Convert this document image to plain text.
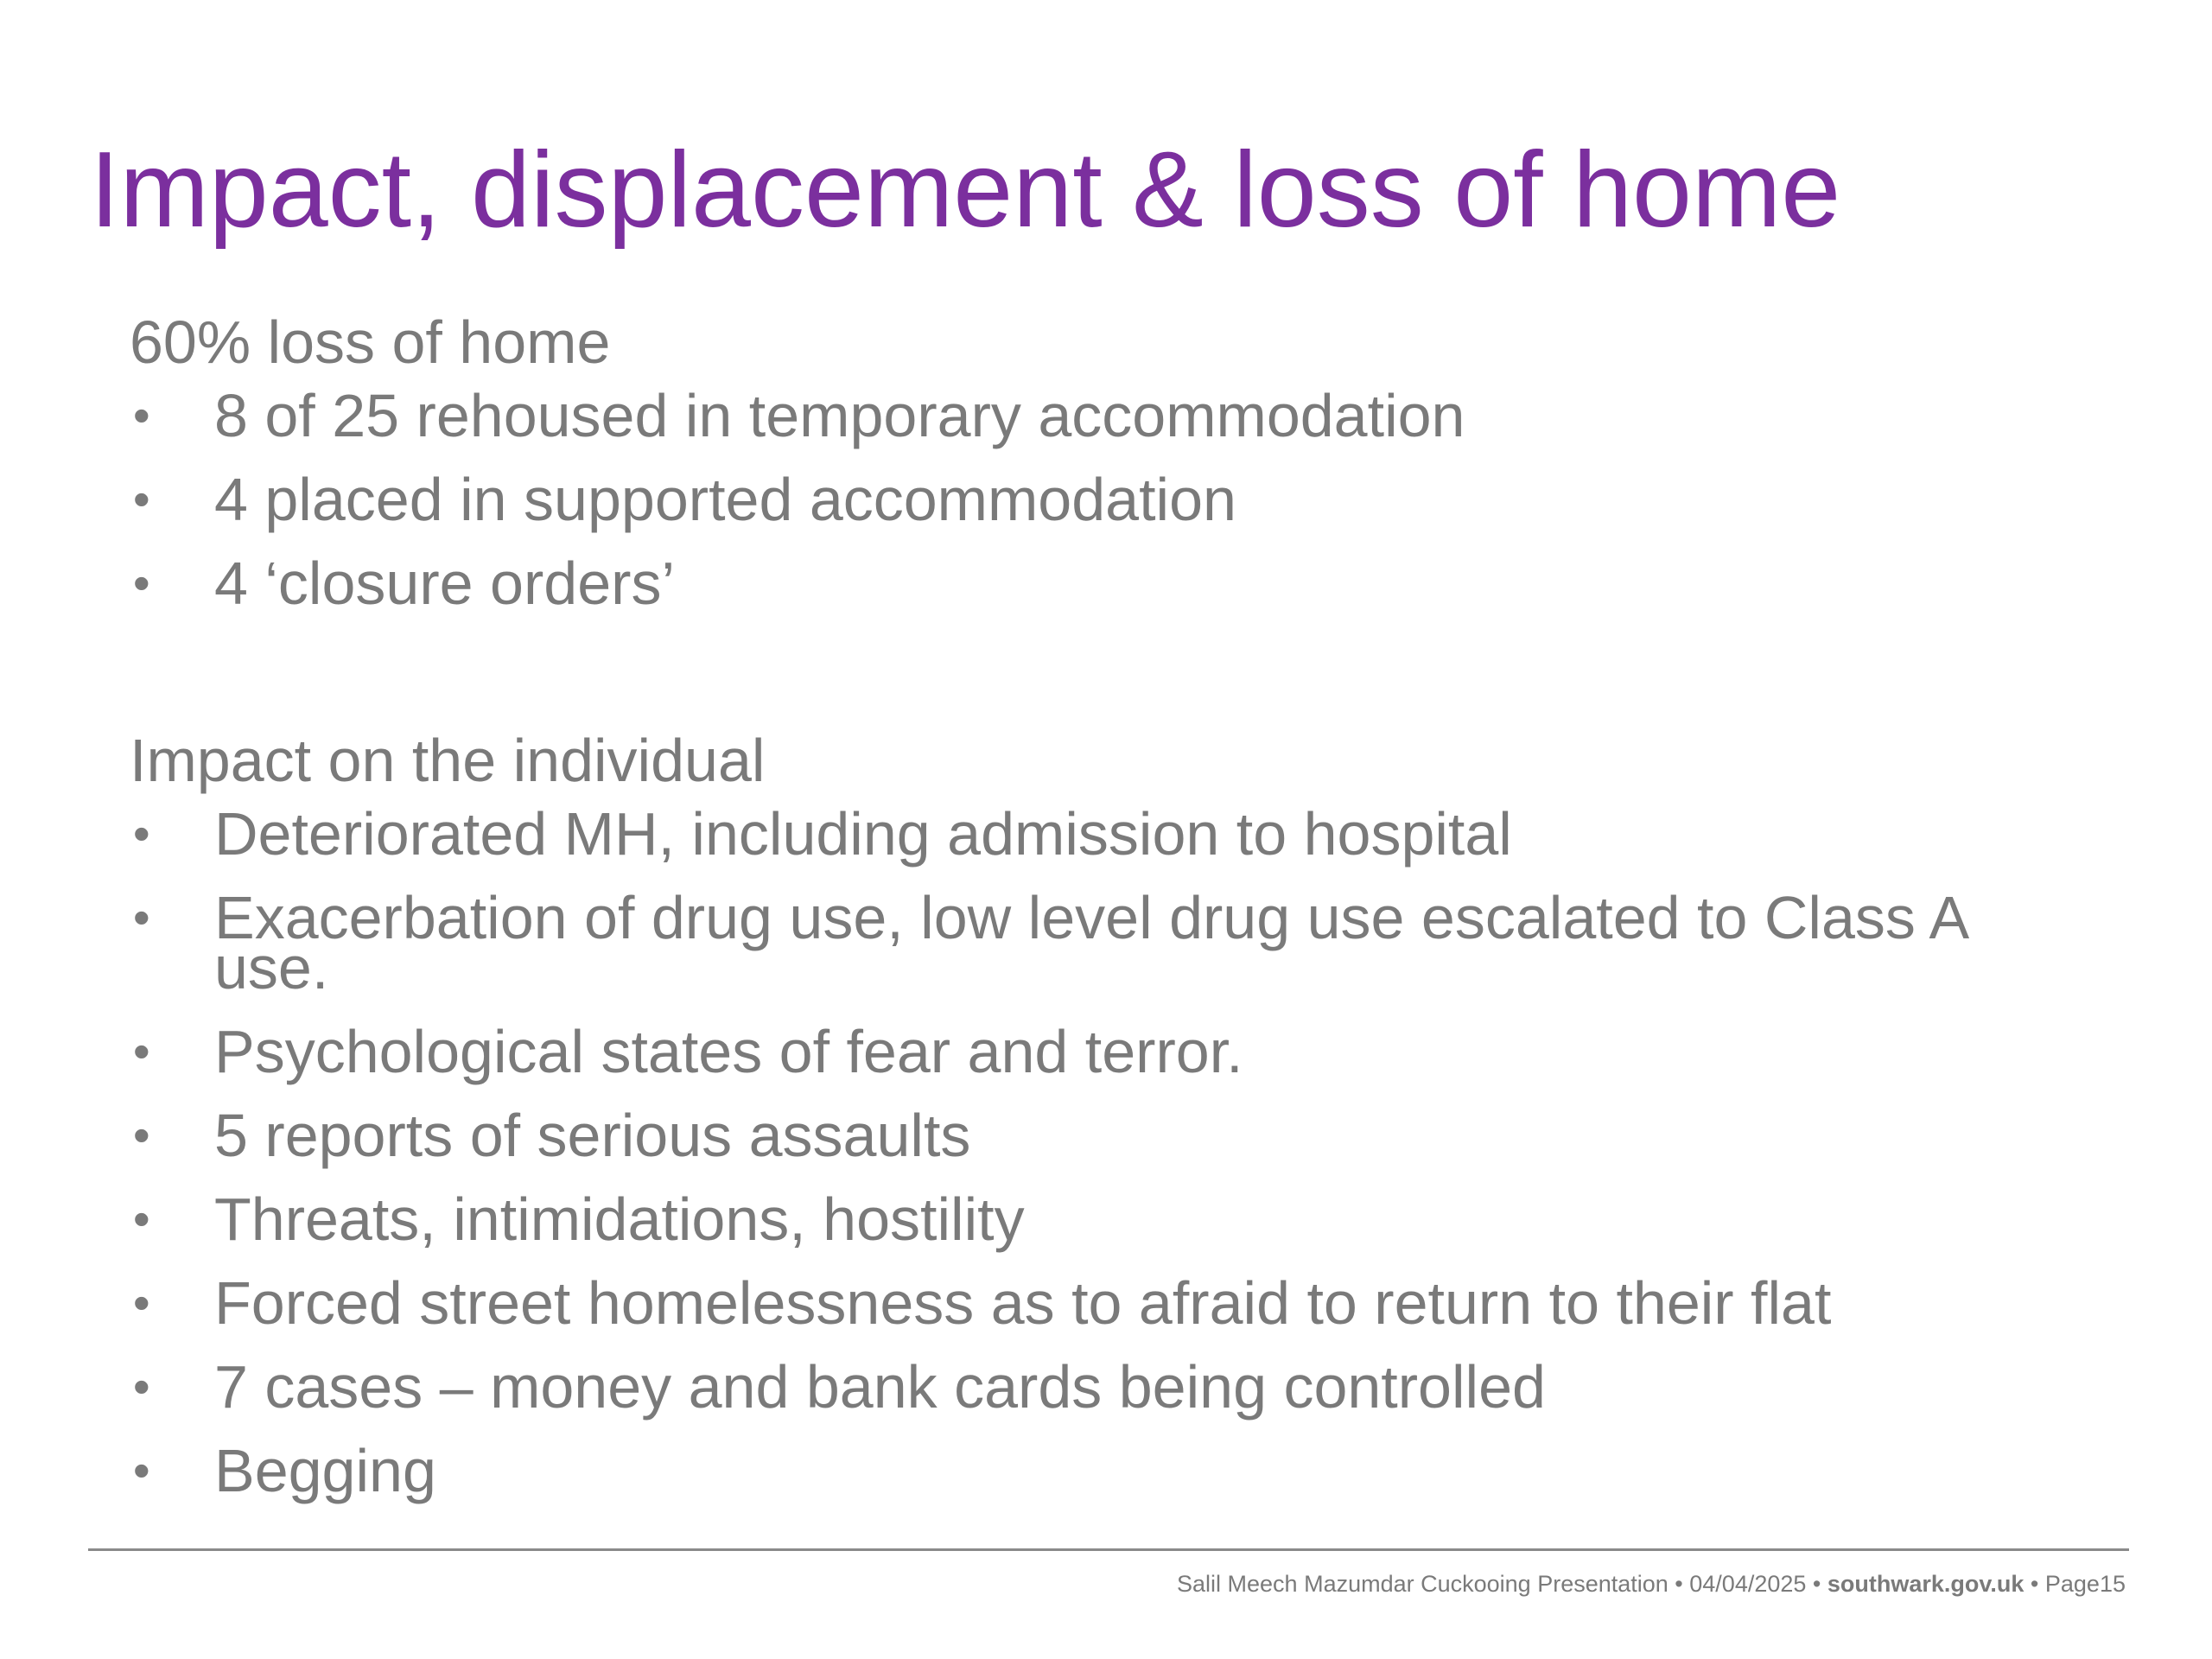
Impact, displacement & loss of home

60% loss of home

• 8 of 25 rehoused in temporary accommodation
• 4 placed in supported accommodation
• 4 ‘closure orders’

Impact on the individual

• Deteriorated MH, including admission to hospital
• Exacerbation of drug use, low level drug use escalated to Class A use.
• Psychological states of fear and terror.
• 5 reports of serious assaults
• Threats, intimidations, hostility
• Forced street homelessness as to afraid to return to their flat
• 7 cases – money and bank cards being controlled
• Begging
Salil Meech Mazumdar Cuckooing Presentation • 04/04/2025 • southwark.gov.uk • Page15
